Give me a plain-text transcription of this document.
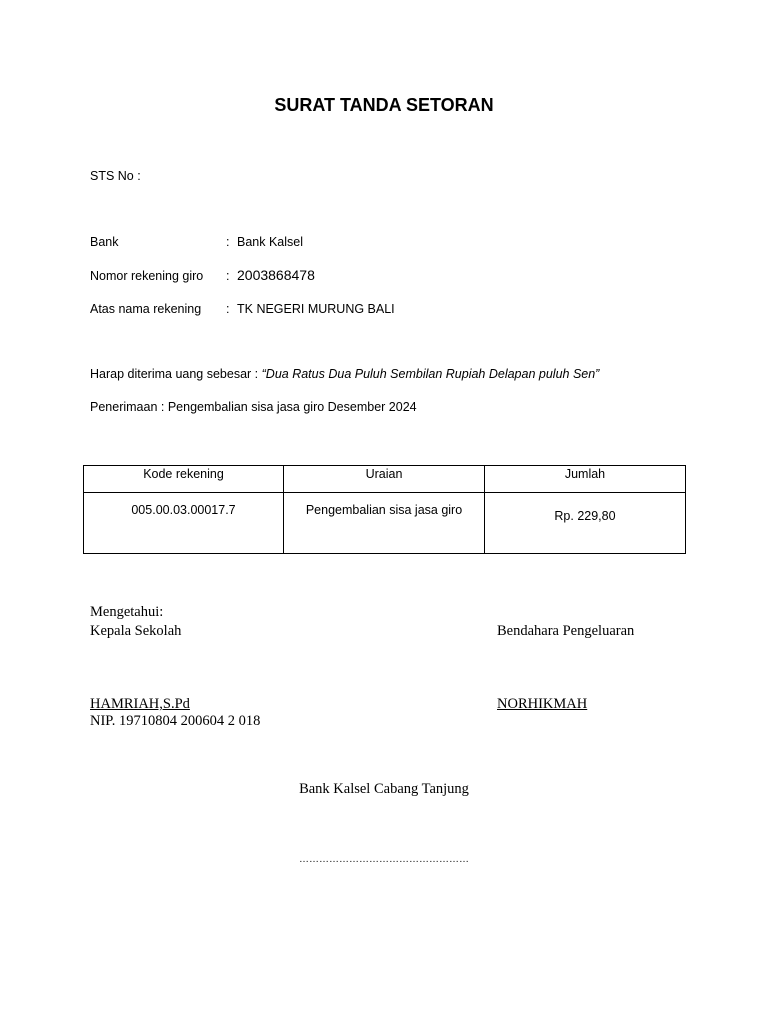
SURAT TANDA SETORAN
STS No :
Bank	: Bank Kalsel
Nomor rekening giro : 2003868478
Atas nama rekening : TK NEGERI MURUNG BALI
Harap diterima uang sebesar : “Dua Ratus Dua Puluh Sembilan Rupiah Delapan puluh Sen”
Penerimaan : Pengembalian sisa jasa giro Desember 2024
Kode rekening	Uraian	Jumlah
005.00.03.00017.7	Pengembalian sisa jasa giro	Rp. 229,80
Mengetahui:
Kepala Sekolah	Bendahara Pengeluaran
HAMRIAH,S.Pd
NIP. 19710804 200604 2 018
NORHIKMAH
Bank Kalsel Cabang Tanjung
……………………………………………
